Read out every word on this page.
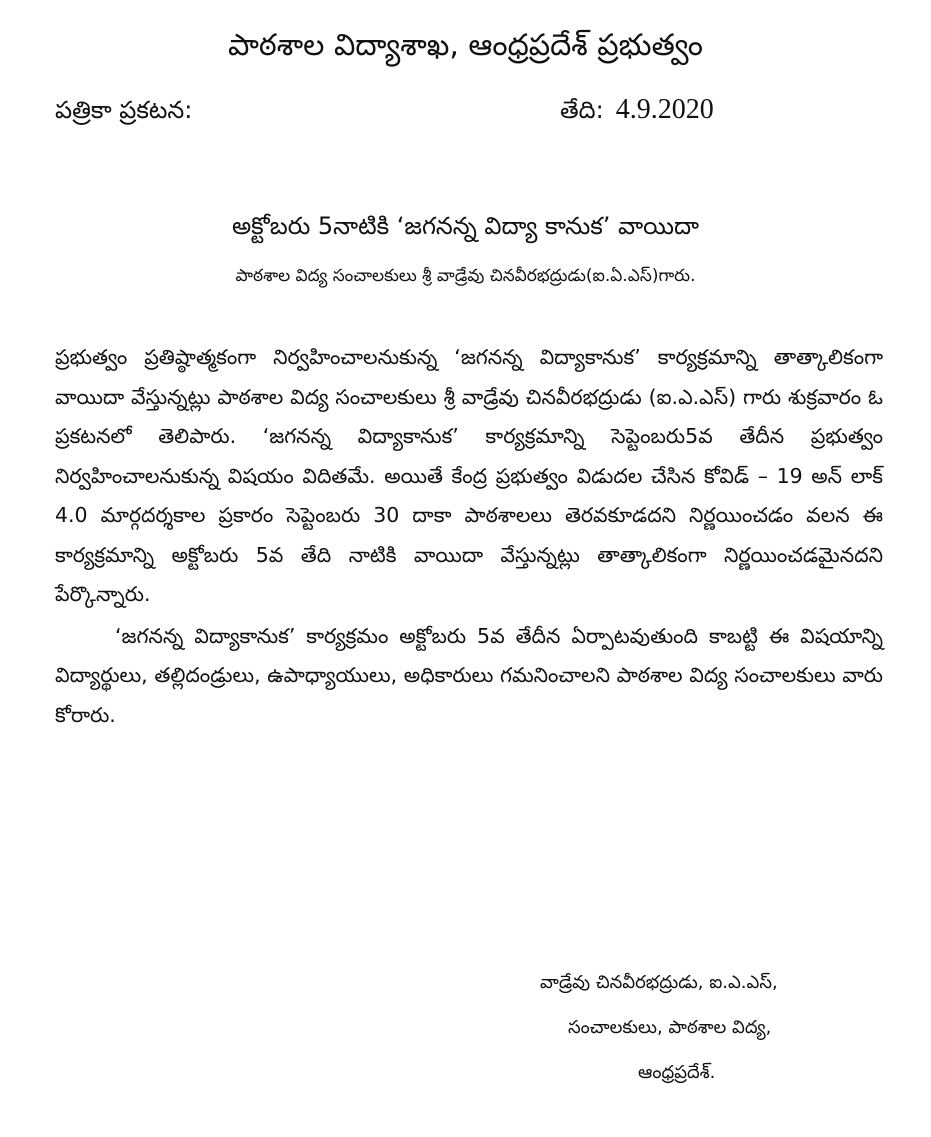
పాఠశాల విద్యాశాఖ, ఆంధ్రప్రదేశ్ ప్రభుత్వం
పత్రికా ప్రకటన:	తేది: 4.9.2020
అక్టోబరు 5నాటికి ‘జగనన్న విద్యా కానుక’ వాయిదా
పాఠశాల విద్య సంచాలకులు శ్రీ వాడ్రేవు చినవీరభద్రుడు(ఐ.ఏ.ఎస్)గారు.

ప్రభుత్వం ప్రతిష్ఠాత్మకంగా నిర్వహించాలనుకున్న ‘జగనన్న విద్యాకానుక’ కార్యక్రమాన్ని తాత్కాలికంగా వాయిదా వేస్తున్నట్లు పాఠశాల విద్య సంచాలకులు శ్రీ వాడ్రేవు చినవీరభద్రుడు (ఐ.ఎ.ఎస్) గారు శుక్రవారం ఓ ప్రకటనలో తెలిపారు. ‘జగనన్న విద్యాకానుక’ కార్యక్రమాన్ని సెప్టెంబరు5వ తేదీన ప్రభుత్వం నిర్వహించాలనుకున్న విషయం విదితమే. అయితే కేంద్ర ప్రభుత్వం విడుదల చేసిన కోవిడ్ – 19 అన్ లాక్ 4.0 మార్గదర్శకాల ప్రకారం సెప్టెంబరు 30 దాకా పాఠశాలలు తెరవకూడదని నిర్ణయించడం వలన ఈ కార్యక్రమాన్ని అక్టోబరు 5వ తేది నాటికి వాయిదా వేస్తున్నట్లు తాత్కాలికంగా నిర్ణయించడమైనదని పేర్కొన్నారు.

‘జగనన్న విద్యాకానుక’ కార్యక్రమం అక్టోబరు 5వ తేదీన ఏర్పాటవుతుంది కాబట్టి ఈ విషయాన్ని విద్యార్థులు, తల్లిదండ్రులు, ఉపాధ్యాయులు, అధికారులు గమనించాలని పాఠశాల విద్య సంచాలకులు వారు కోరారు.

వాడ్రేవు చినవీరభద్రుడు, ఐ.ఎ.ఎస్,
సంచాలకులు, పాఠశాల విద్య,
ఆంధ్రప్రదేశ్.
